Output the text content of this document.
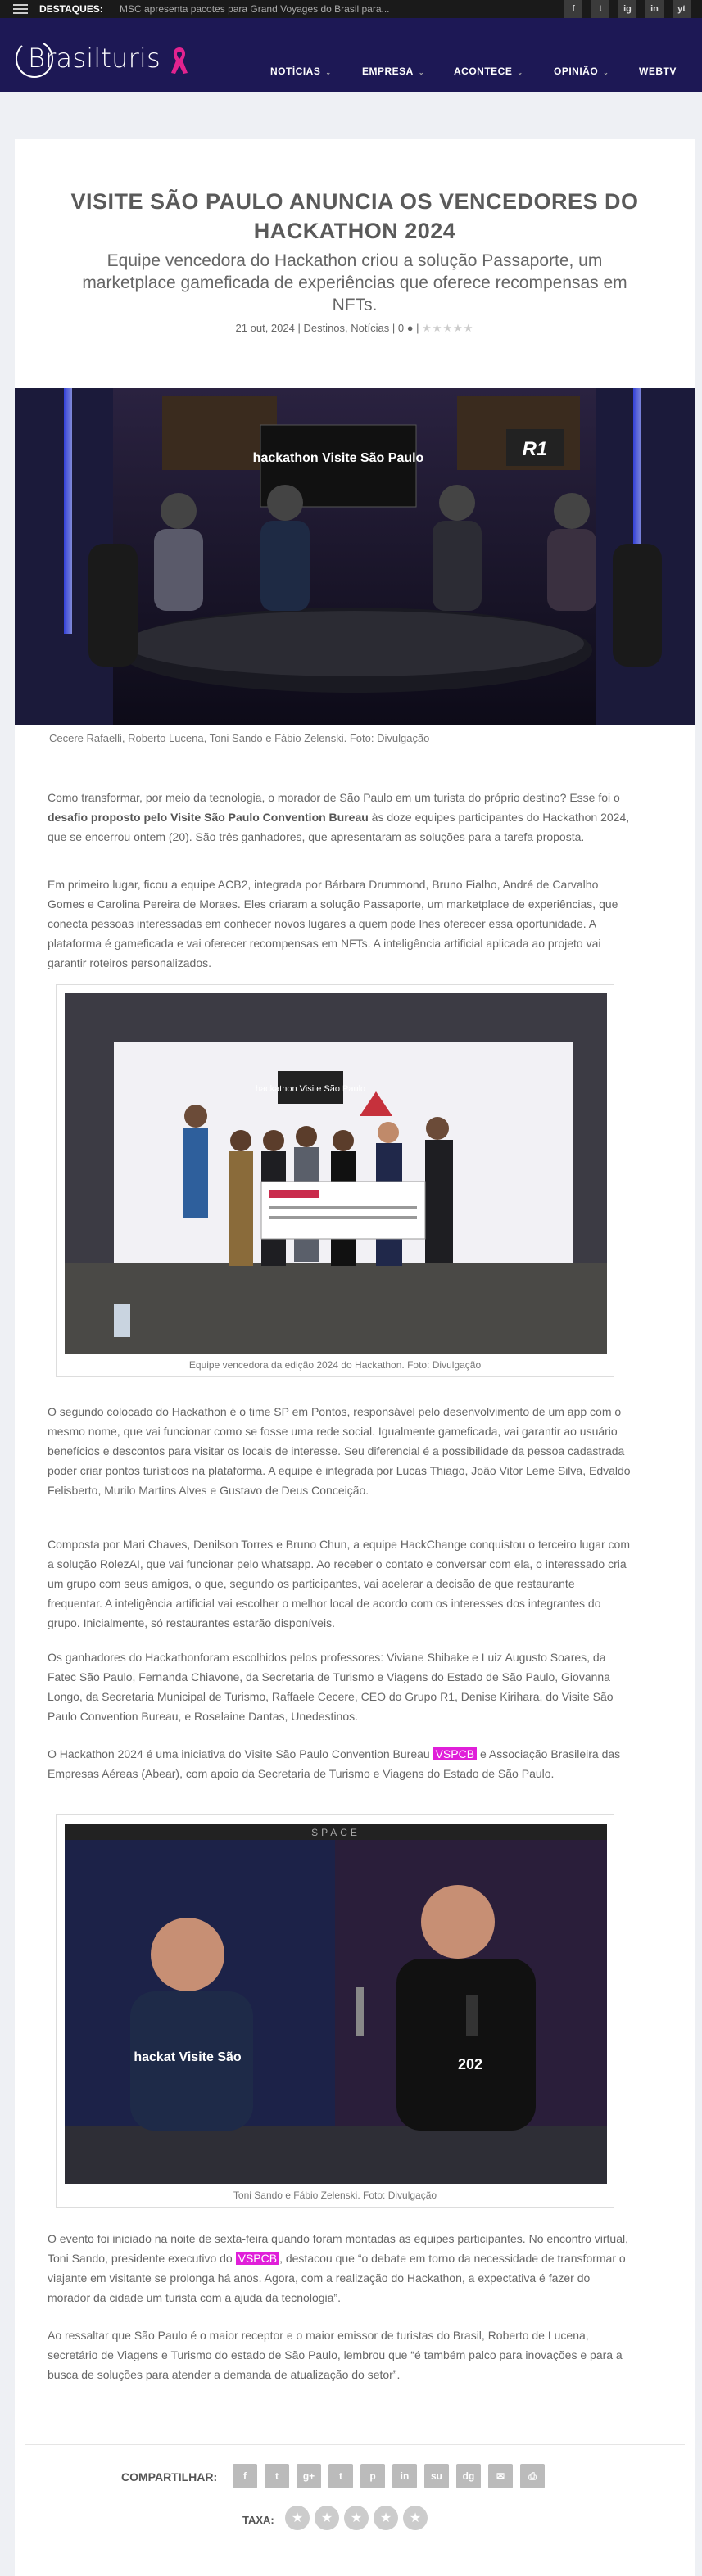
DESTAQUES: MSC apresenta pacotes para Grand Voyages do Brasil para...	f	t	ig	in	yt
Brasilturis	NOTÍCIAS ⌄	EMPRESA ⌄	ACONTECE ⌄	OPINIÃO ⌄	WEBTV
VISITE SÃO PAULO ANUNCIA OS VENCEDORES DO HACKATHON 2024

Equipe vencedora do Hackathon criou a solução Passaporte, um marketplace gameficada de experiências que oferece recompensas em NFTs.

21 out, 2024 | Destinos, Notícias | 0 ● | ★★★★★
hackathon Visite São Paulo	R1
Cecere Rafaelli, Roberto Lucena, Toni Sando e Fábio Zelenski. Foto: Divulgação

Como transformar, por meio da tecnologia, o morador de São Paulo em um turista do próprio destino? Esse foi o desafio proposto pelo Visite São Paulo Convention Bureau às doze equipes participantes do Hackathon 2024, que se encerrou ontem (20). São três ganhadores, que apresentaram as soluções para a tarefa proposta.

Em primeiro lugar, ficou a equipe ACB2, integrada por Bárbara Drummond, Bruno Fialho, André de Carvalho Gomes e Carolina Pereira de Moraes. Eles criaram a solução Passaporte, um marketplace de experiências, que conecta pessoas interessadas em conhecer novos lugares a quem pode lhes oferecer essa oportunidade. A plataforma é gameficada e vai oferecer recompensas em NFTs. A inteligência artificial aplicada ao projeto vai garantir roteiros personalizados.

hackathon Visite São Paulo
Equipe vencedora da edição 2024 do Hackathon. Foto: Divulgação

O segundo colocado do Hackathon é o time SP em Pontos, responsável pelo desenvolvimento de um app com o mesmo nome, que vai funcionar como se fosse uma rede social. Igualmente gameficada, vai garantir ao usuário benefícios e descontos para visitar os locais de interesse. Seu diferencial é a possibilidade da pessoa cadastrada poder criar pontos turísticos na plataforma. A equipe é integrada por Lucas Thiago, João Vitor Leme Silva, Edvaldo Felisberto, Murilo Martins Alves e Gustavo de Deus Conceição.

Composta por Mari Chaves, Denilson Torres e Bruno Chun, a equipe HackChange conquistou o terceiro lugar com a solução RolezAI, que vai funcionar pelo whatsapp. Ao receber o contato e conversar com ela, o interessado cria um grupo com seus amigos, o que, segundo os participantes, vai acelerar a decisão de que restaurante frequentar. A inteligência artificial vai escolher o melhor local de acordo com os interesses dos integrantes do grupo. Inicialmente, só restaurantes estarão disponíveis.

Os ganhadores do Hackathonforam escolhidos pelos professores: Viviane Shibake e Luiz Augusto Soares, da Fatec São Paulo, Fernanda Chiavone, da Secretaria de Turismo e Viagens do Estado de São Paulo, Giovanna Longo, da Secretaria Municipal de Turismo, Raffaele Cecere, CEO do Grupo R1, Denise Kirihara, do Visite São Paulo Convention Bureau, e Roselaine Dantas, Unedestinos.

O Hackathon 2024 é uma iniciativa do Visite São Paulo Convention Bureau VSPCB e Associação Brasileira das Empresas Aéreas (Abear), com apoio da Secretaria de Turismo e Viagens do Estado de São Paulo.

SPACE
hackat Visite São	202
Toni Sando e Fábio Zelenski. Foto: Divulgação

O evento foi iniciado na noite de sexta-feira quando foram montadas as equipes participantes. No encontro virtual, Toni Sando, presidente executivo do VSPCB , destacou que “o debate em torno da necessidade de transformar o viajante em visitante se prolonga há anos. Agora, com a realização do Hackathon, a expectativa é fazer do morador da cidade um turista com a ajuda da tecnologia”.

Ao ressaltar que São Paulo é o maior receptor e o maior emissor de turistas do Brasil, Roberto de Lucena, secretário de Viagens e Turismo do estado de São Paulo, lembrou que “é também palco para inovações e para a busca de soluções para atender a demanda de atualização do setor”.

COMPARTILHAR:	f	t	g+	t	p	in	su	dg	✉	⎙
TAXA:	★	★	★	★	★
